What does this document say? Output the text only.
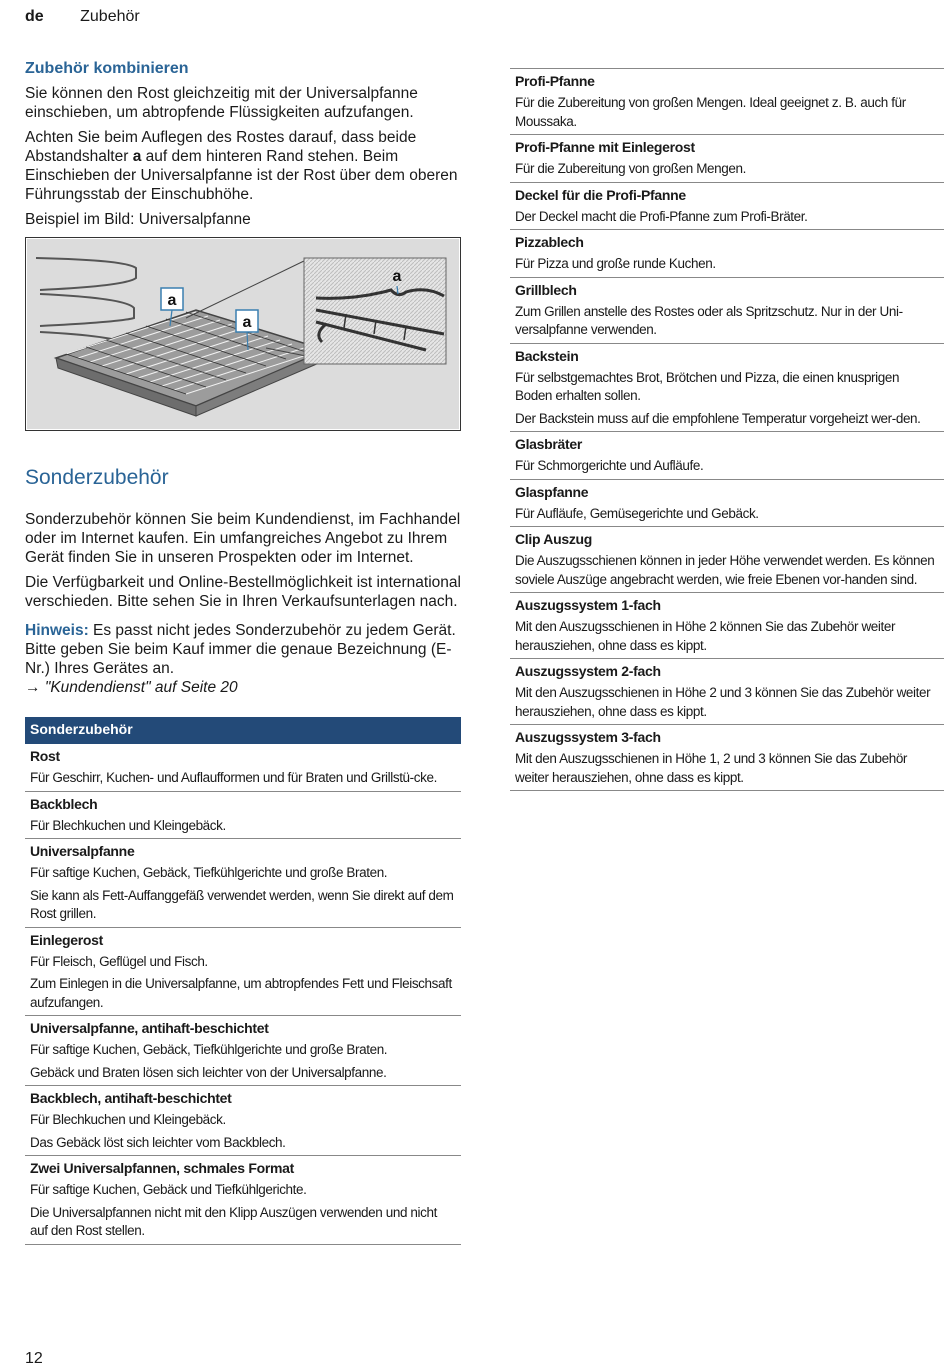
de Zubehör
Zubehör kombinieren

Sie können den Rost gleichzeitig mit der Universalpfanne einschieben, um abtropfende Flüssigkeiten aufzufangen.

Achten Sie beim Auflegen des Rostes darauf, dass beide Abstandshalter a auf dem hinteren Rand stehen. Beim Einschieben der Universalpfanne ist der Rost über dem oberen Führungsstab der Einschubhöhe.

Beispiel im Bild: Universalpfanne

a
a
a
Sonderzubehör

Sonderzubehör können Sie beim Kundendienst, im Fachhandel oder im Internet kaufen. Ein umfangreiches Angebot zu Ihrem Gerät finden Sie in unseren Prospekten oder im Internet.

Die Verfügbarkeit und Online-Bestellmöglichkeit ist international verschieden. Bitte sehen Sie in Ihren Verkaufsunterlagen nach.

Hinweis: Es passt nicht jedes Sonderzubehör zu jedem Gerät. Bitte geben Sie beim Kauf immer die genaue Bezeichnung (E-Nr.) Ihres Gerätes an.
→ "Kundendienst" auf Seite 20

Sonderzubehör
Rost
Für Geschirr, Kuchen- und Auflaufformen und für Braten und Grillstü-cke.
Backblech
Für Blechkuchen und Kleingebäck.
Universalpfanne
Für saftige Kuchen, Gebäck, Tiefkühlgerichte und große Braten.
Sie kann als Fett-Auffanggefäß verwendet werden, wenn Sie direkt auf dem Rost grillen.
Einlegerost
Für Fleisch, Geflügel und Fisch.
Zum Einlegen in die Universalpfanne, um abtropfendes Fett und Fleischsaft aufzufangen.
Universalpfanne, antihaft-beschichtet
Für saftige Kuchen, Gebäck, Tiefkühlgerichte und große Braten.
Gebäck und Braten lösen sich leichter von der Universalpfanne.
Backblech, antihaft-beschichtet
Für Blechkuchen und Kleingebäck.
Das Gebäck löst sich leichter vom Backblech.
Zwei Universalpfannen, schmales Format
Für saftige Kuchen, Gebäck und Tiefkühlgerichte.
Die Universalpfannen nicht mit den Klipp Auszügen verwenden und nicht auf den Rost stellen.
Profi-Pfanne
Für die Zubereitung von großen Mengen. Ideal geeignet z. B. auch für Moussaka.
Profi-Pfanne mit Einlegerost
Für die Zubereitung von großen Mengen.
Deckel für die Profi-Pfanne
Der Deckel macht die Profi-Pfanne zum Profi-Bräter.
Pizzablech
Für Pizza und große runde Kuchen.
Grillblech
Zum Grillen anstelle des Rostes oder als Spritzschutz. Nur in der Uni-versalpfanne verwenden.
Backstein
Für selbstgemachtes Brot, Brötchen und Pizza, die einen knusprigen Boden erhalten sollen.
Der Backstein muss auf die empfohlene Temperatur vorgeheizt wer-den.
Glasbräter
Für Schmorgerichte und Aufläufe.
Glaspfanne
Für Aufläufe, Gemüsegerichte und Gebäck.
Clip Auszug
Die Auszugsschienen können in jeder Höhe verwendet werden. Es können soviele Auszüge angebracht werden, wie freie Ebenen vor-handen sind.
Auszugssystem 1-fach
Mit den Auszugsschienen in Höhe 2 können Sie das Zubehör weiter herausziehen, ohne dass es kippt.
Auszugssystem 2-fach
Mit den Auszugsschienen in Höhe 2 und 3 können Sie das Zubehör weiter herausziehen, ohne dass es kippt.
Auszugssystem 3-fach
Mit den Auszugsschienen in Höhe 1, 2 und 3 können Sie das Zubehör weiter herausziehen, ohne dass es kippt.
12
